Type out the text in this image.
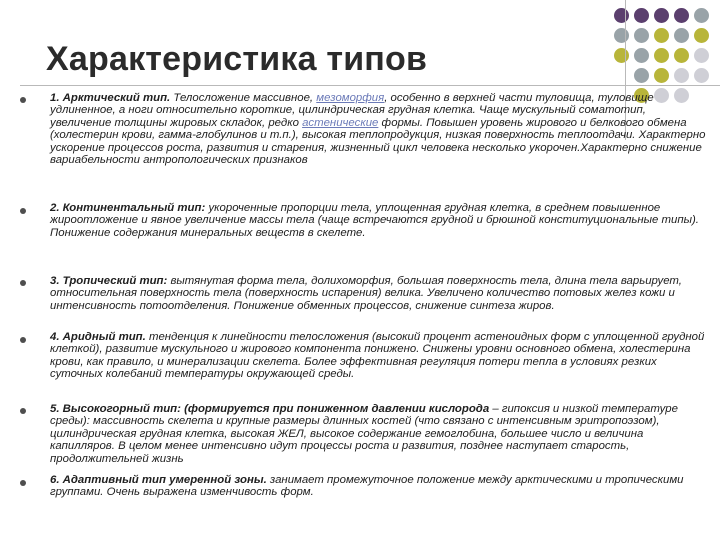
Характеристика типов
1. Арктический тип. Телосложение массивное, мезоморфия, особенно в верхней части туловища, туловище удлиненное, а ноги относительно короткие, цилиндрическая грудная клетка. Чаще мускульный соматотип, увеличение толщины жировых складок, редко астенические формы. Повышен уровень жирового и белкового обмена (холестерин крови, гамма-глобулинов и т.п.), высокая теплопродукция, низкая поверхность теплоотдачи. Характерно ускорение процессов роста, развития и старения, жизненный цикл человека несколько укорочен.Характерно снижение вариабельности антропологических признаков
2. Континентальный тип: укороченные пропорции тела, уплощенная грудная клетка, в среднем повышенное жироотложение и явное увеличение массы тела (чаще встречаются грудной и брюшной конституциональные типы). Понижение содержания минеральных веществ в скелете.
3. Тропический тип: вытянутая форма тела, долихоморфия, большая поверхность тела, длина тела варьирует, относительная поверхность тела (поверхность испарения) велика. Увеличено количество потовых желез кожи и интенсивность потоотделения. Понижение обменных процессов, снижение синтеза жиров.
4. Аридный тип. тенденция к линейности телосложения (высокий процент астеноидных форм с уплощенной грудной клеткой), развитие мускульного и жирового компонента понижено. Снижены уровни основного обмена, холестерина крови, как правило, и минерализации скелета. Более эффективная регуляция потери тепла в условиях резких суточных колебаний температуры окружающей среды.
5. Высокогорный тип: (формируется при пониженном давлении кислорода – гипоксия и низкой температуре среды): массивность скелета и крупные размеры длинных костей (что связано с интенсивным эритропоэзом), цилиндрическая грудная клетка, высокая ЖЕЛ, высокое содержание гемоглобина, большее число и величина капилляров. В целом менее интенсивно идут процессы роста и развития, позднее наступает старость, продолжительней жизнь
6. Адаптивный тип умеренной зоны. занимает промежуточное положение между арктическими и тропическими группами. Очень выражена изменчивость форм.
